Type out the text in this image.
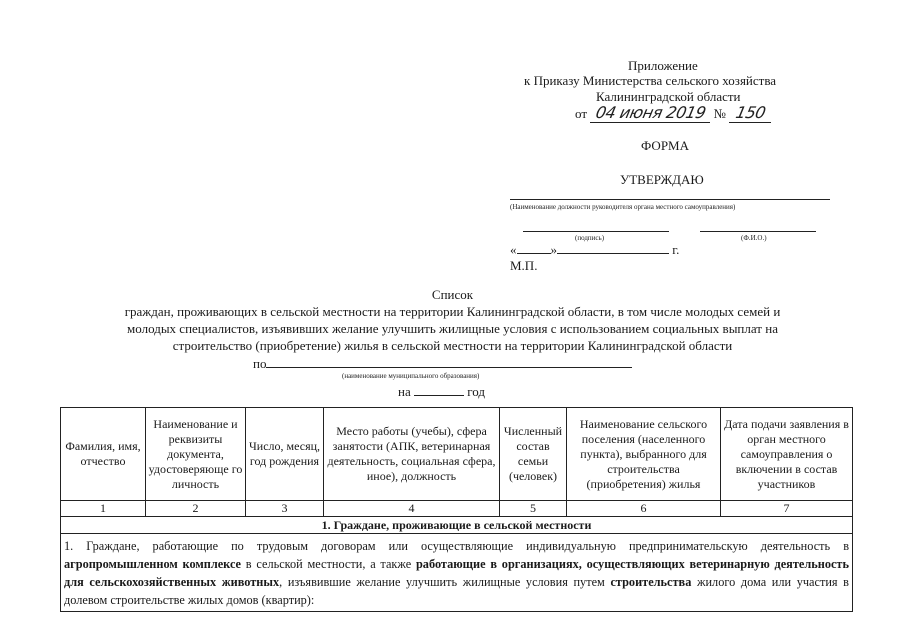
Приложение
к Приказу Министерства сельского хозяйства
Калининградской области
от 04 июня 2019 № 150
ФОРМА
УТВЕРЖДАЮ
(Наименование должности руководителя органа местного самоуправления)
(подпись)	(Ф.И.О.)
«	»	г.
М.П.
Список
граждан, проживающих в сельской местности на территории Калининградской области, в том числе молодых семей и
молодых специалистов, изъявивших желание улучшить жилищные условия с использованием социальных выплат на
строительство (приобретение) жилья в сельской местности на территории Калининградской области
по
(наименование муниципального образования)
на	год
Фамилия, имя, отчество	Наименование и реквизиты документа, удостоверяюще го личность	Число, месяц, год рождения	Место работы (учебы), сфера занятости (АПК, ветеринарная деятельность, социальная сфера, иное), должность	Численный состав семьи (человек)	Наименование сельского поселения (населенного пункта), выбранного для строительства (приобретения) жилья	Дата подачи заявления в орган местного самоуправления о включении в состав участников
1	2	3	4	5	6	7
1. Граждане, проживающие в сельской местности						
1. Граждане, работающие по трудовым договорам или осуществляющие индивидуальную предпринимательскую деятельность в агропромышленном комплексе в сельской местности, а также работающие в организациях, осуществляющих ветеринарную деятельность для сельскохозяйственных животных, изъявившие желание улучшить жилищные условия путем строительства жилого дома или участия в долевом строительстве жилых домов (квартир):						
